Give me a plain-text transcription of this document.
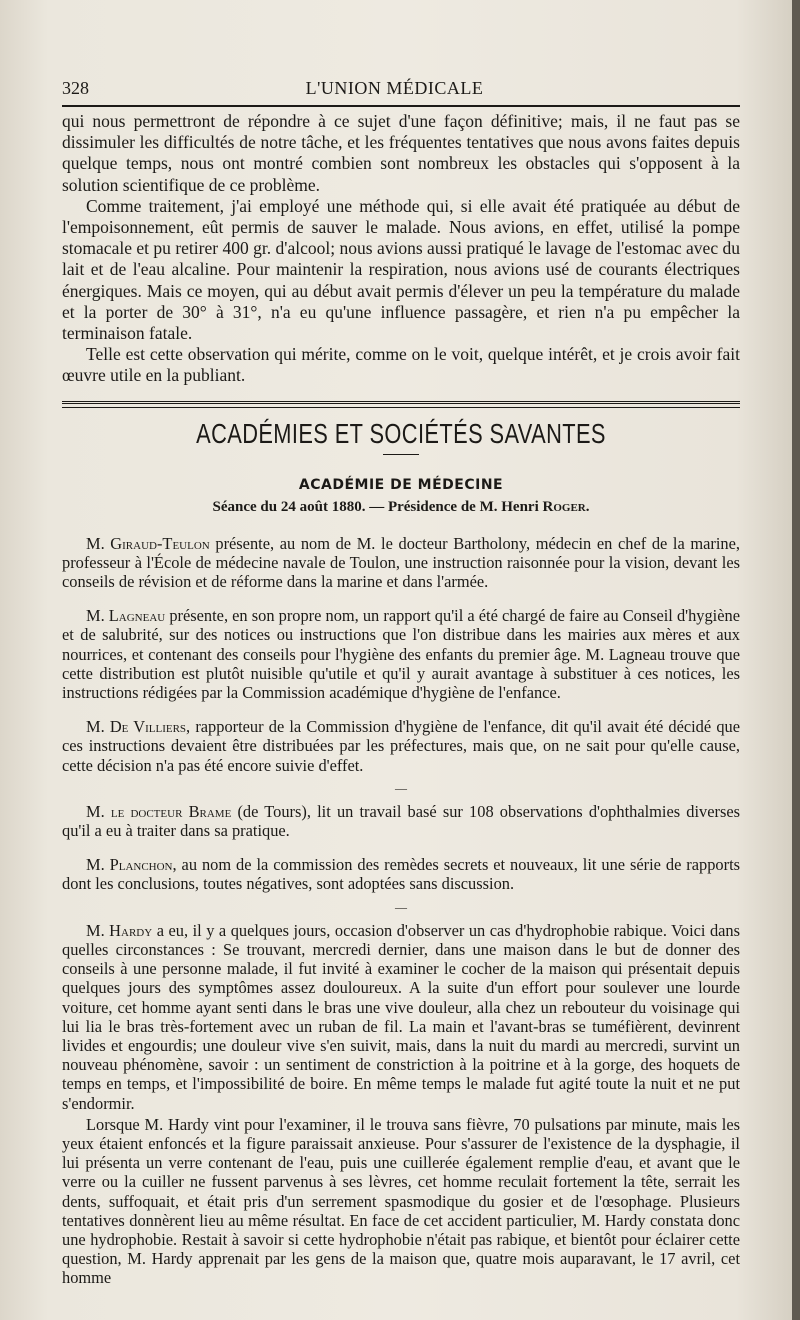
328	L'UNION MÉDICALE

qui nous permettront de répondre à ce sujet d'une façon définitive; mais, il ne faut pas se dissimuler les difficultés de notre tâche, et les fréquentes tentatives que nous avons faites depuis quelque temps, nous ont montré combien sont nombreux les obstacles qui s'opposent à la solution scientifique de ce problème.

Comme traitement, j'ai employé une méthode qui, si elle avait été pratiquée au début de l'empoisonnement, eût permis de sauver le malade. Nous avions, en effet, utilisé la pompe stomacale et pu retirer 400 gr. d'alcool; nous avions aussi pratiqué le lavage de l'estomac avec du lait et de l'eau alcaline. Pour maintenir la respiration, nous avions usé de courants électriques énergiques. Mais ce moyen, qui au début avait permis d'élever un peu la température du malade et la porter de 30° à 31°, n'a eu qu'une influence passagère, et rien n'a pu empêcher la terminaison fatale.

Telle est cette observation qui mérite, comme on le voit, quelque intérêt, et je crois avoir fait œuvre utile en la publiant.

ACADÉMIES ET SOCIÉTÉS SAVANTES
ACADÉMIE DE MÉDECINE
Séance du 24 août 1880. — Présidence de M. Henri Roger.

M. Giraud-Teulon présente, au nom de M. le docteur Bartholony, médecin en chef de la marine, professeur à l'École de médecine navale de Toulon, une instruction raisonnée pour la vision, devant les conseils de révision et de réforme dans la marine et dans l'armée.

M. Lagneau présente, en son propre nom, un rapport qu'il a été chargé de faire au Conseil d'hygiène et de salubrité, sur des notices ou instructions que l'on distribue dans les mairies aux mères et aux nourrices, et contenant des conseils pour l'hygiène des enfants du premier âge. M. Lagneau trouve que cette distribution est plutôt nuisible qu'utile et qu'il y aurait avantage à substituer à ces notices, les instructions rédigées par la Commission académique d'hygiène de l'enfance.

M. De Villiers, rapporteur de la Commission d'hygiène de l'enfance, dit qu'il avait été décidé que ces instructions devaient être distribuées par les préfectures, mais que, on ne sait pour qu'elle cause, cette décision n'a pas été encore suivie d'effet.

—

M. le docteur Brame (de Tours), lit un travail basé sur 108 observations d'ophthalmies diverses qu'il a eu à traiter dans sa pratique.

M. Planchon, au nom de la commission des remèdes secrets et nouveaux, lit une série de rapports dont les conclusions, toutes négatives, sont adoptées sans discussion.

—

M. Hardy a eu, il y a quelques jours, occasion d'observer un cas d'hydrophobie rabique. Voici dans quelles circonstances : Se trouvant, mercredi dernier, dans une maison dans le but de donner des conseils à une personne malade, il fut invité à examiner le cocher de la maison qui présentait depuis quelques jours des symptômes assez douloureux. A la suite d'un effort pour soulever une lourde voiture, cet homme ayant senti dans le bras une vive douleur, alla chez un rebouteur du voisinage qui lui lia le bras très-fortement avec un ruban de fil. La main et l'avant-bras se tuméfièrent, devinrent livides et engourdis; une douleur vive s'en suivit, mais, dans la nuit du mardi au mercredi, survint un nouveau phénomène, savoir : un sentiment de constriction à la poitrine et à la gorge, des hoquets de temps en temps, et l'impossibilité de boire. En même temps le malade fut agité toute la nuit et ne put s'endormir.

Lorsque M. Hardy vint pour l'examiner, il le trouva sans fièvre, 70 pulsations par minute, mais les yeux étaient enfoncés et la figure paraissait anxieuse. Pour s'assurer de l'existence de la dysphagie, il lui présenta un verre contenant de l'eau, puis une cuillerée également remplie d'eau, et avant que le verre ou la cuiller ne fussent parvenus à ses lèvres, cet homme reculait fortement la tête, serrait les dents, suffoquait, et était pris d'un serrement spasmodique du gosier et de l'œsophage. Plusieurs tentatives donnèrent lieu au même résultat. En face de cet accident particulier, M. Hardy constata donc une hydrophobie. Restait à savoir si cette hydrophobie n'était pas rabique, et bientôt pour éclairer cette question, M. Hardy apprenait par les gens de la maison que, quatre mois auparavant, le 17 avril, cet homme
